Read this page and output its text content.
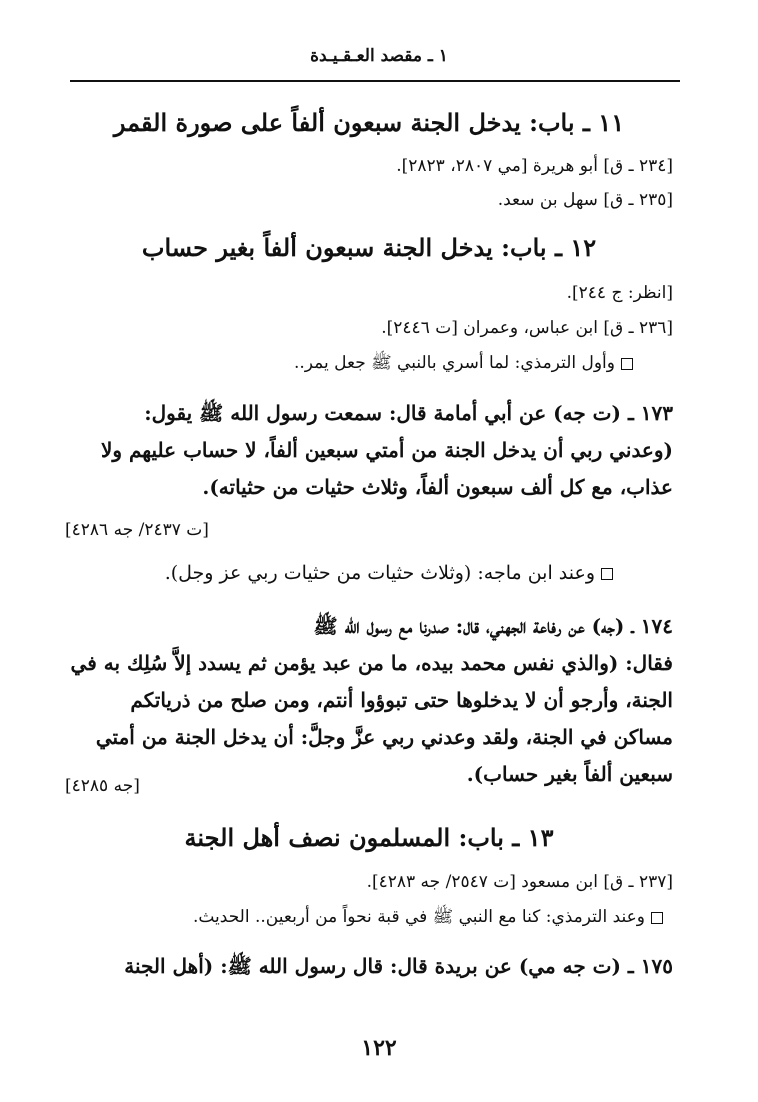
١ ـ مقصد العـقـيـدة
١١ ـ باب: يدخل الجنة سبعون ألفاً على صورة القمر
[٢٣٤ ـ ق] أبو هريرة [مي ٢٨٠٧، ٢٨٢٣].
[٢٣٥ ـ ق] سهل بن سعد.
١٢ ـ باب: يدخل الجنة سبعون ألفاً بغير حساب
[انظر: ج ٢٤٤].
[٢٣٦ ـ ق] ابن عباس، وعمران [ت ٢٤٤٦].
وأول الترمذي: لما أسري بالنبي ﷺ جعل يمر..
١٧٣ ـ (ت جه) عن أبي أمامة قال: سمعت رسول الله ﷺ يقول:
(وعدني ربي أن يدخل الجنة من أمتي سبعين ألفاً، لا حساب عليهم ولا
عذاب، مع كل ألف سبعون ألفاً، وثلاث حثيات من حثياته).
[ت ٢٤٣٧/ جه ٤٢٨٦]
وعند ابن ماجه: (وثلاث حثيات من حثيات ربي عز وجل).
١٧٤ ـ (جه) عن رفاعة الجهني، قال: صدرنا مع رسول الله ﷺ
فقال: (والذي نفس محمد بيده، ما من عبد يؤمن ثم يسدد إلاَّ سُلِك به في
الجنة، وأرجو أن لا يدخلوها حتى تبوؤوا أنتم، ومن صلح من ذرياتكم
مساكن في الجنة، ولقد وعدني ربي عزَّ وجلَّ: أن يدخل الجنة من أمتي
سبعين ألفاً بغير حساب).
[جه ٤٢٨٥]
١٣ ـ باب: المسلمون نصف أهل الجنة
[٢٣٧ ـ ق] ابن مسعود [ت ٢٥٤٧/ جه ٤٢٨٣].
وعند الترمذي: كنا مع النبي ﷺ في قبة نحواً من أربعين.. الحديث.
١٧٥ ـ (ت جه مي) عن بريدة قال: قال رسول الله ﷺ: (أهل الجنة
١٢٢
